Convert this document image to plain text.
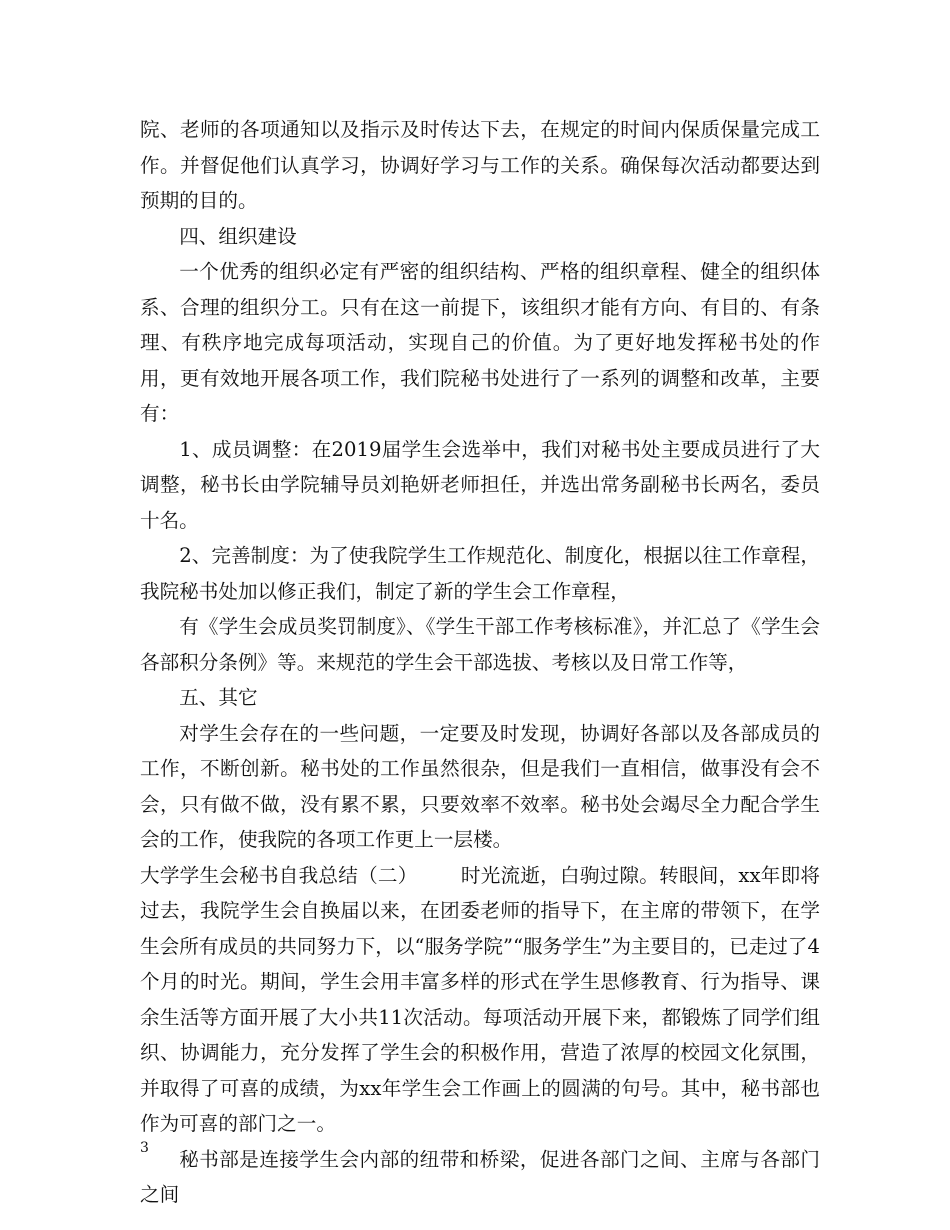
院、老师的各项通知以及指示及时传达下去，在规定的时间内保质保量完成工作。并督促他们认真学习，协调好学习与工作的关系。确保每次活动都要达到预期的目的。

四、组织建设

一个优秀的组织必定有严密的组织结构、严格的组织章程、健全的组织体系、合理的组织分工。只有在这一前提下，该组织才能有方向、有目的、有条理、有秩序地完成每项活动，实现自己的价值。为了更好地发挥秘书处的作用，更有效地开展各项工作，我们院秘书处进行了一系列的调整和改革，主要有：

1、成员调整：在2019届学生会选举中，我们对秘书处主要成员进行了大调整，秘书长由学院辅导员刘艳妍老师担任，并选出常务副秘书长两名，委员十名。

2、完善制度：为了使我院学生工作规范化、制度化，根据以往工作章程，我院秘书处加以修正我们，制定了新的学生会工作章程，

有《学生会成员奖罚制度》、《学生干部工作考核标准》，并汇总了《学生会各部积分条例》等。来规范的学生会干部选拔、考核以及日常工作等，

五、其它

对学生会存在的一些问题，一定要及时发现，协调好各部以及各部成员的工作，不断创新。秘书处的工作虽然很杂，但是我们一直相信，做事没有会不会，只有做不做，没有累不累，只要效率不效率。秘书处会竭尽全力配合学生会的工作，使我院的各项工作更上一层楼。

大学学生会秘书自我总结（二） 时光流逝，白驹过隙。转眼间，xx年即将过去，我院学生会自换届以来，在团委老师的指导下，在主席的带领下，在学生会所有成员的共同努力下，以“服务学院”“服务学生”为主要目的，已走过了4个月的时光。期间，学生会用丰富多样的形式在学生思修教育、行为指导、课余生活等方面开展了大小共11次活动。每项活动开展下来，都锻炼了同学们组织、协调能力，充分发挥了学生会的积极作用，营造了浓厚的校园文化氛围，并取得了可喜的成绩，为xx年学生会工作画上的圆满的句号。其中，秘书部也作为可喜的部门之一。

秘书部是连接学生会内部的纽带和桥梁，促进各部门之间、主席与各部门之间

3
